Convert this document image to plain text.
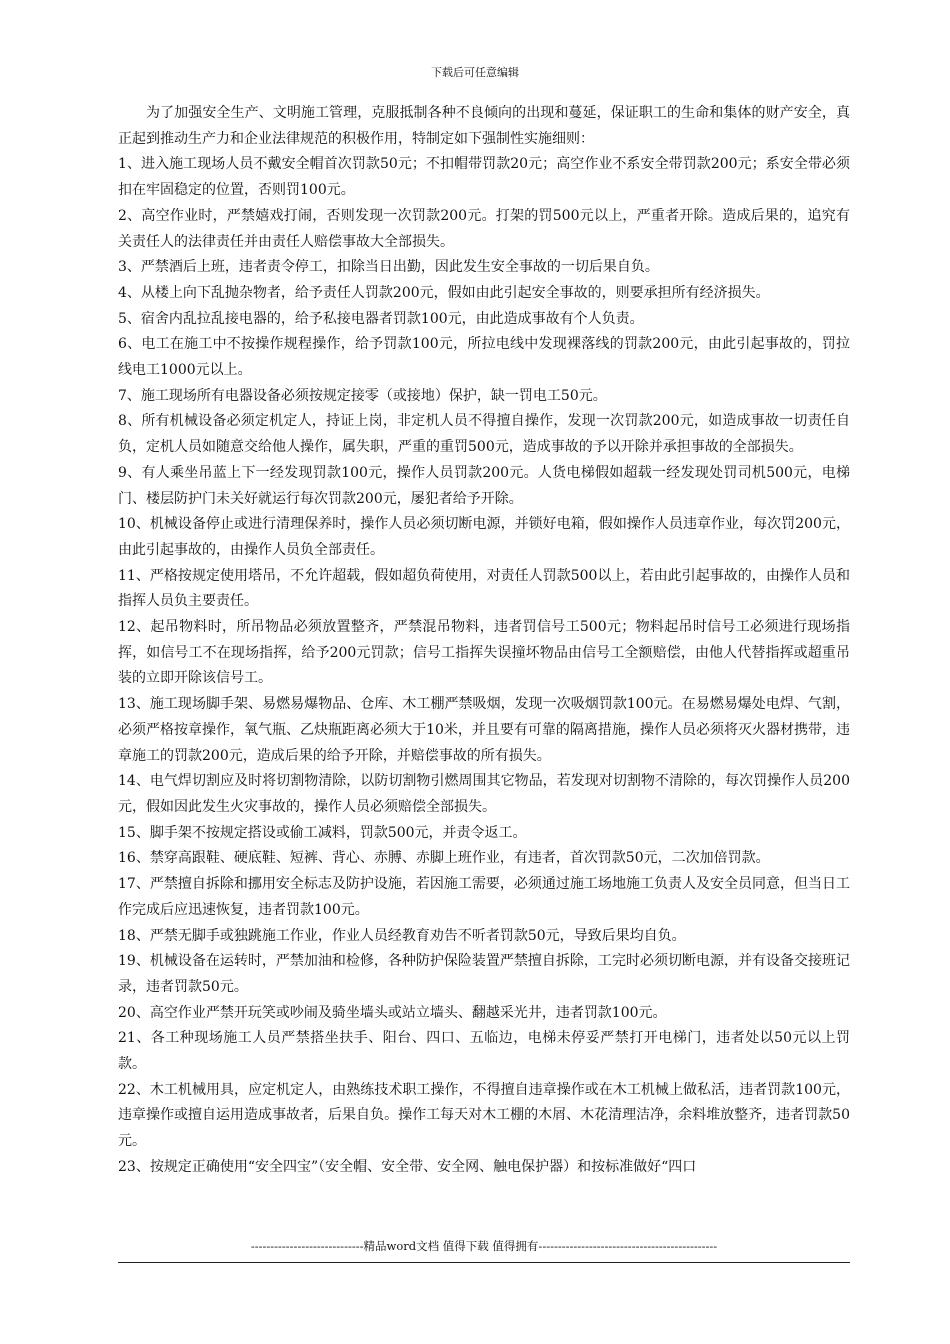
下载后可任意编辑

为了加强安全生产、文明施工管理，克服抵制各种不良倾向的出现和蔓延，保证职工的生命和集体的财产安全，真正起到推动生产力和企业法律规范的积极作用，特制定如下强制性实施细则：

1、进入施工现场人员不戴安全帽首次罚款50元；不扣帽带罚款20元；高空作业不系安全带罚款200元；系安全带必须扣在牢固稳定的位置，否则罚100元。

2、高空作业时，严禁嬉戏打闹，否则发现一次罚款200元。打架的罚500元以上，严重者开除。造成后果的，追究有关责任人的法律责任并由责任人赔偿事故大全部损失。

3、严禁酒后上班，违者责令停工，扣除当日出勤，因此发生安全事故的一切后果自负。

4、从楼上向下乱抛杂物者，给予责任人罚款200元，假如由此引起安全事故的，则要承担所有经济损失。

5、宿舍内乱拉乱接电器的，给予私接电器者罚款100元，由此造成事故有个人负责。

6、电工在施工中不按操作规程操作，给予罚款100元，所拉电线中发现裸落线的罚款200元，由此引起事故的，罚拉线电工1000元以上。

7、施工现场所有电器设备必须按规定接零（或接地）保护，缺一罚电工50元。

8、所有机械设备必须定机定人，持证上岗，非定机人员不得擅自操作，发现一次罚款200元，如造成事故一切责任自负，定机人员如随意交给他人操作，属失职，严重的重罚500元，造成事故的予以开除并承担事故的全部损失。

9、有人乘坐吊蓝上下一经发现罚款100元，操作人员罚款200元。人货电梯假如超载一经发现处罚司机500元，电梯门、楼层防护门未关好就运行每次罚款200元，屡犯者给予开除。

10、机械设备停止或进行清理保养时，操作人员必须切断电源，并锁好电箱，假如操作人员违章作业，每次罚200元，由此引起事故的，由操作人员负全部责任。

11、严格按规定使用塔吊，不允许超载，假如超负荷使用，对责任人罚款500以上，若由此引起事故的，由操作人员和指挥人员负主要责任。

12、起吊物料时，所吊物品必须放置整齐，严禁混吊物料，违者罚信号工500元；物料起吊时信号工必须进行现场指挥，如信号工不在现场指挥，给予200元罚款；信号工指挥失误撞坏物品由信号工全额赔偿，由他人代替指挥或超重吊装的立即开除该信号工。

13、施工现场脚手架、易燃易爆物品、仓库、木工棚严禁吸烟，发现一次吸烟罚款100元。在易燃易爆处电焊、气割，必须严格按章操作，氧气瓶、乙炔瓶距离必须大于10米，并且要有可靠的隔离措施，操作人员必须将灭火器材携带，违章施工的罚款200元，造成后果的给予开除，并赔偿事故的所有损失。

14、电气焊切割应及时将切割物清除，以防切割物引燃周围其它物品，若发现对切割物不清除的，每次罚操作人员200元，假如因此发生火灾事故的，操作人员必须赔偿全部损失。

15、脚手架不按规定搭设或偷工减料，罚款500元，并责令返工。

16、禁穿高跟鞋、硬底鞋、短裤、背心、赤膊、赤脚上班作业，有违者，首次罚款50元，二次加倍罚款。

17、严禁擅自拆除和挪用安全标志及防护设施，若因施工需要，必须通过施工场地施工负责人及安全员同意，但当日工作完成后应迅速恢复，违者罚款100元。

18、严禁无脚手或独跳施工作业，作业人员经教育劝告不听者罚款50元，导致后果均自负。

19、机械设备在运转时，严禁加油和检修，各种防护保险装置严禁擅自拆除，工完时必须切断电源，并有设备交接班记录，违者罚款50元。

20、高空作业严禁开玩笑或吵闹及骑坐墙头或站立墙头、翻越采光井，违者罚款100元。

21、各工种现场施工人员严禁搭坐扶手、阳台、四口、五临边，电梯未停妥严禁打开电梯门，违者处以50元以上罚款。

22、木工机械用具，应定机定人，由熟练技术职工操作，不得擅自违章操作或在木工机械上做私活，违者罚款100元，违章操作或擅自运用造成事故者，后果自负。操作工每天对木工棚的木屑、木花清理洁净，余料堆放整齐，违者罚款50元。

23、按规定正确使用“安全四宝”（安全帽、安全带、安全网、触电保护器）和按标准做好“四口

-----------------------------精品word文档 值得下载 值得拥有----------------------------------------------
